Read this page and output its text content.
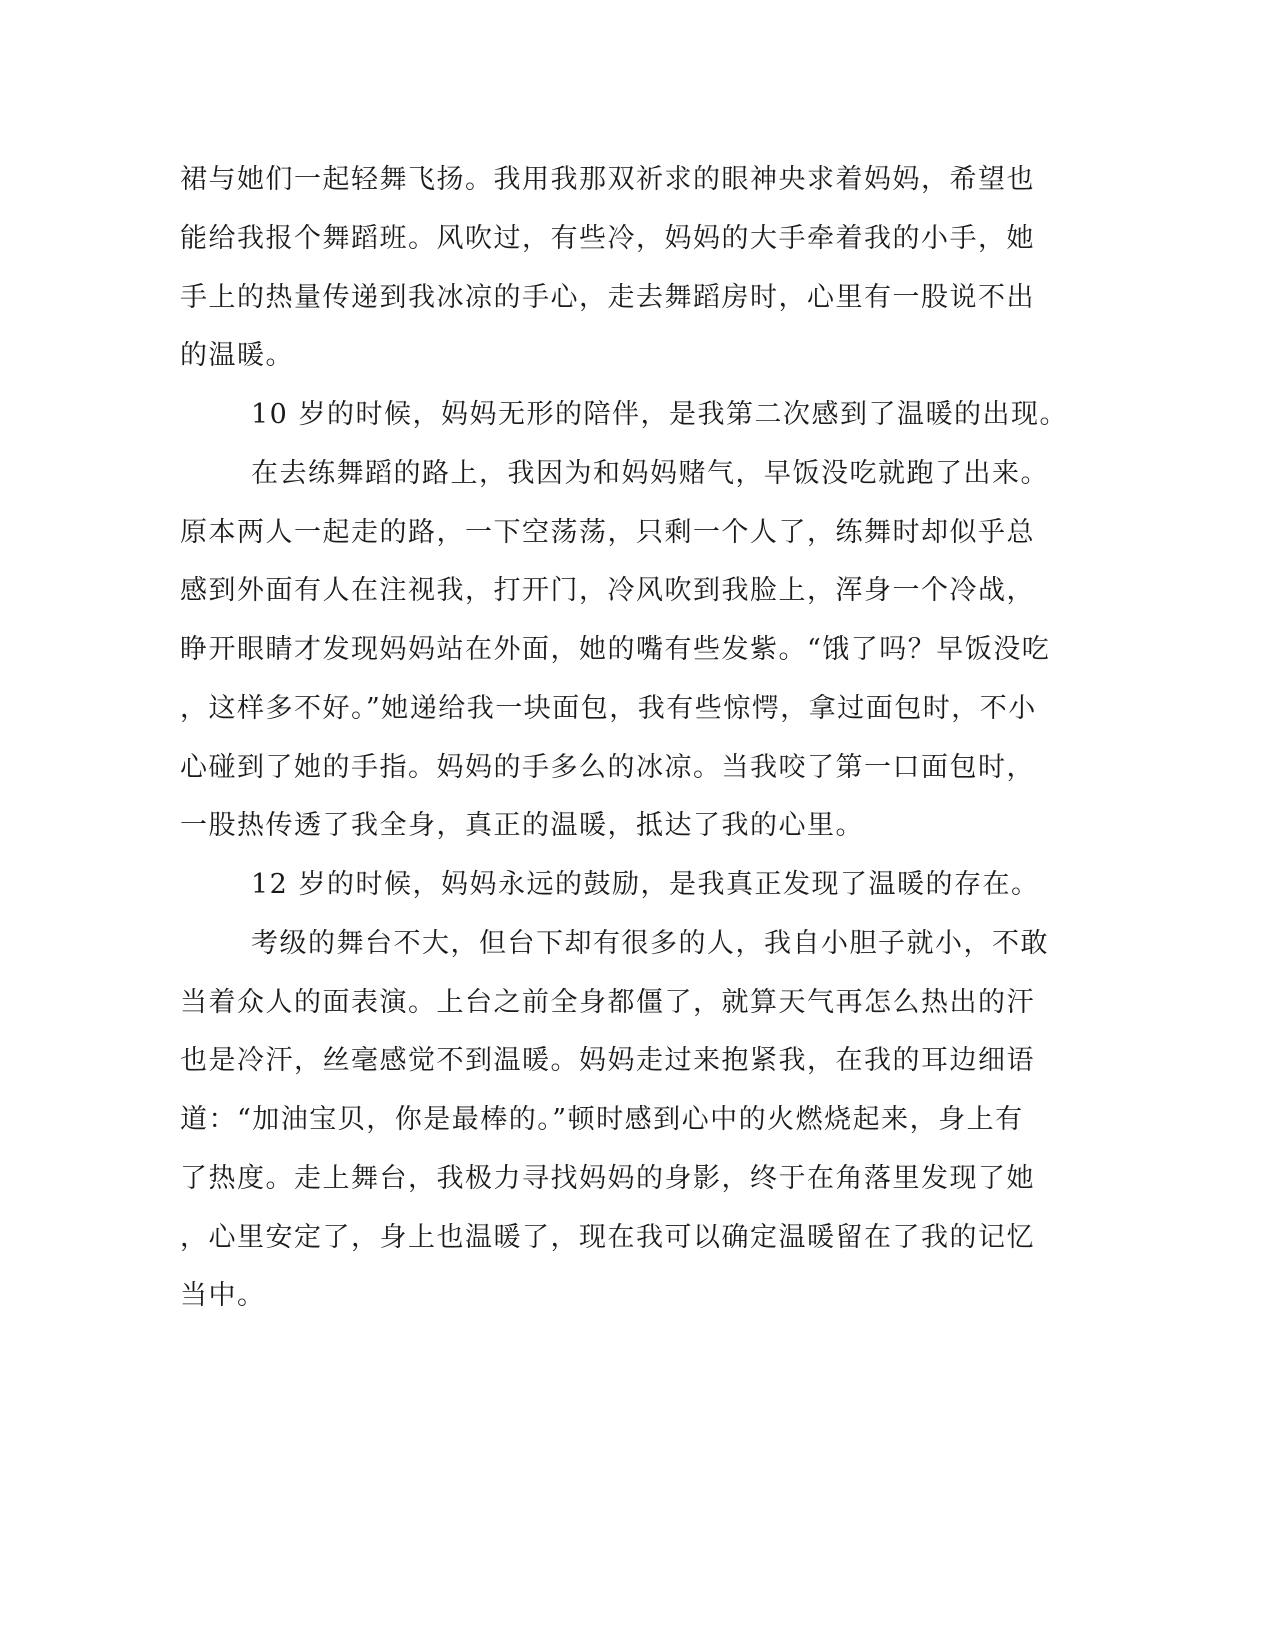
裙与她们一起轻舞飞扬。我用我那双祈求的眼神央求着妈妈，希望也
能给我报个舞蹈班。风吹过，有些冷，妈妈的大手牵着我的小手，她
手上的热量传递到我冰凉的手心，走去舞蹈房时，心里有一股说不出
的温暖。
10 岁的时候，妈妈无形的陪伴，是我第二次感到了温暖的出现。
在去练舞蹈的路上，我因为和妈妈赌气，早饭没吃就跑了出来。
原本两人一起走的路，一下空荡荡，只剩一个人了，练舞时却似乎总
感到外面有人在注视我，打开门，冷风吹到我脸上，浑身一个冷战，
睁开眼睛才发现妈妈站在外面，她的嘴有些发紫。“饿了吗？早饭没吃
，这样多不好。”她递给我一块面包，我有些惊愕，拿过面包时，不小
心碰到了她的手指。妈妈的手多么的冰凉。当我咬了第一口面包时，
一股热传透了我全身，真正的温暖，抵达了我的心里。
12 岁的时候，妈妈永远的鼓励，是我真正发现了温暖的存在。
考级的舞台不大，但台下却有很多的人，我自小胆子就小，不敢
当着众人的面表演。上台之前全身都僵了，就算天气再怎么热出的汗
也是冷汗，丝毫感觉不到温暖。妈妈走过来抱紧我，在我的耳边细语
道：“加油宝贝，你是最棒的。”顿时感到心中的火燃烧起来，身上有
了热度。走上舞台，我极力寻找妈妈的身影，终于在角落里发现了她
，心里安定了，身上也温暖了，现在我可以确定温暖留在了我的记忆
当中。
